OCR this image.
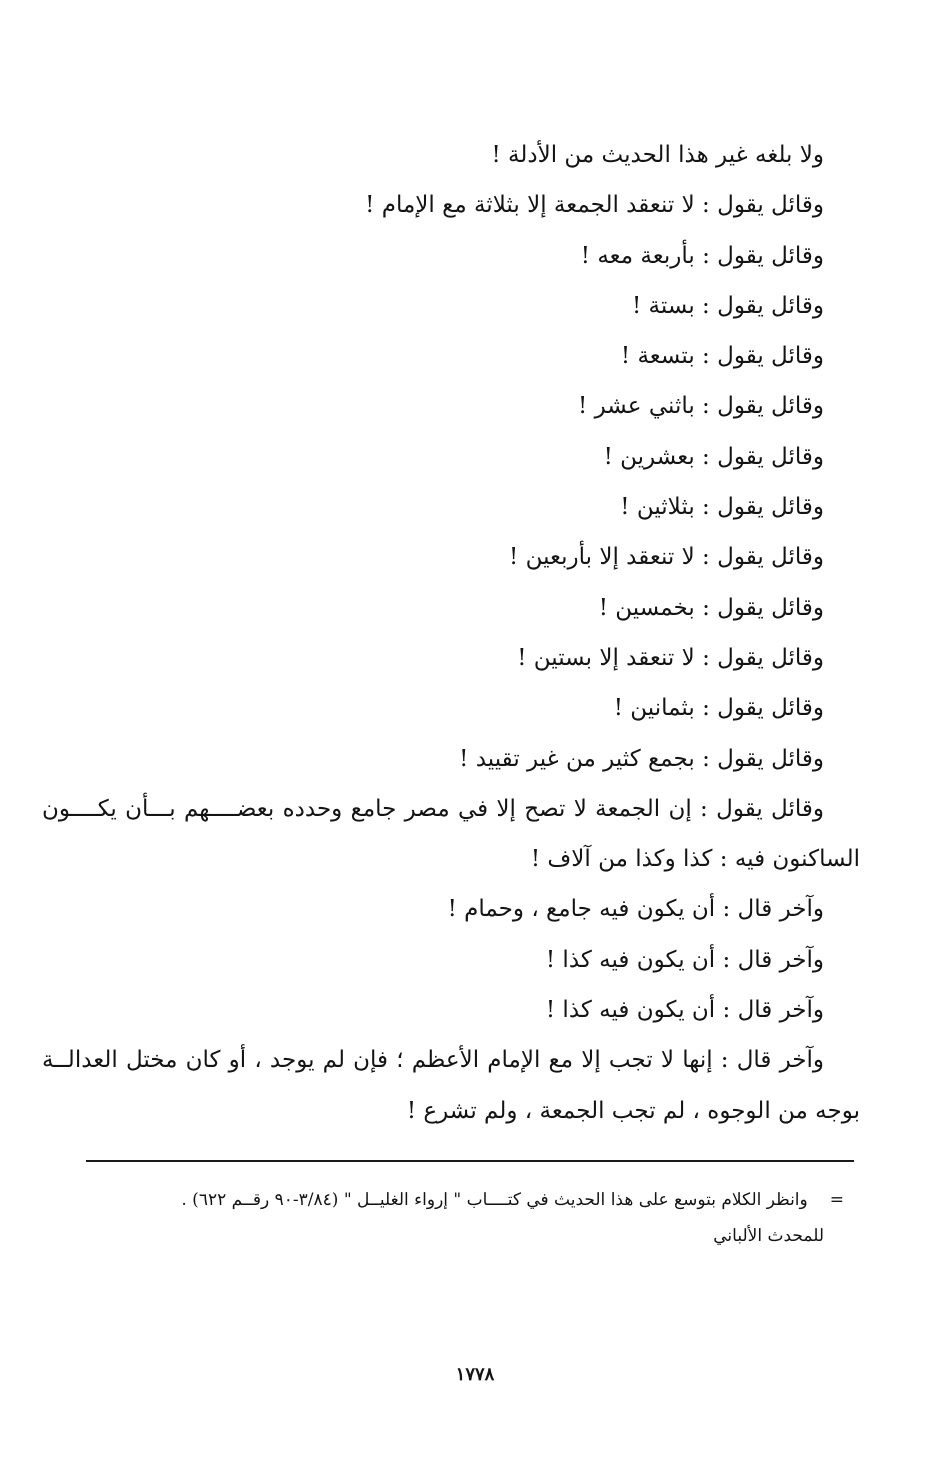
ولا بلغه غير هذا الحديث من الأدلة !
وقائل يقول : لا تنعقد الجمعة إلا بثلاثة مع الإمام !
وقائل يقول : بأربعة معه !
وقائل يقول : بستة !
وقائل يقول : بتسعة !
وقائل يقول : باثني عشر !
وقائل يقول : بعشرين !
وقائل يقول : بثلاثين !
وقائل يقول : لا تنعقد إلا بأربعين !
وقائل يقول : بخمسين !
وقائل يقول : لا تنعقد إلا بستين !
وقائل يقول : بثمانين !
وقائل يقول : بجمع كثير من غير تقييد !
وقائل يقول : إن الجمعة لا تصح إلا في مصر جامع وحدده بعضــــهم بـــأن يكــــون
الساكنون فيه : كذا وكذا من آلاف !
وآخر قال : أن يكون فيه جامع ، وحمام !
وآخر قال : أن يكون فيه كذا !
وآخر قال : أن يكون فيه كذا !
وآخر قال : إنها لا تجب إلا مع الإمام الأعظم ؛ فإن لم يوجد ، أو كان مختل العدالــة
بوجه من الوجوه ، لم تجب الجمعة ، ولم تشرع !
=وانظر الكلام بتوسع على هذا الحديث في كتــــاب " إرواء الغليــل " (٣/٨٤-٩٠ رقــم ٦٢٢) .
للمحدث الألباني
١٧٧٨
